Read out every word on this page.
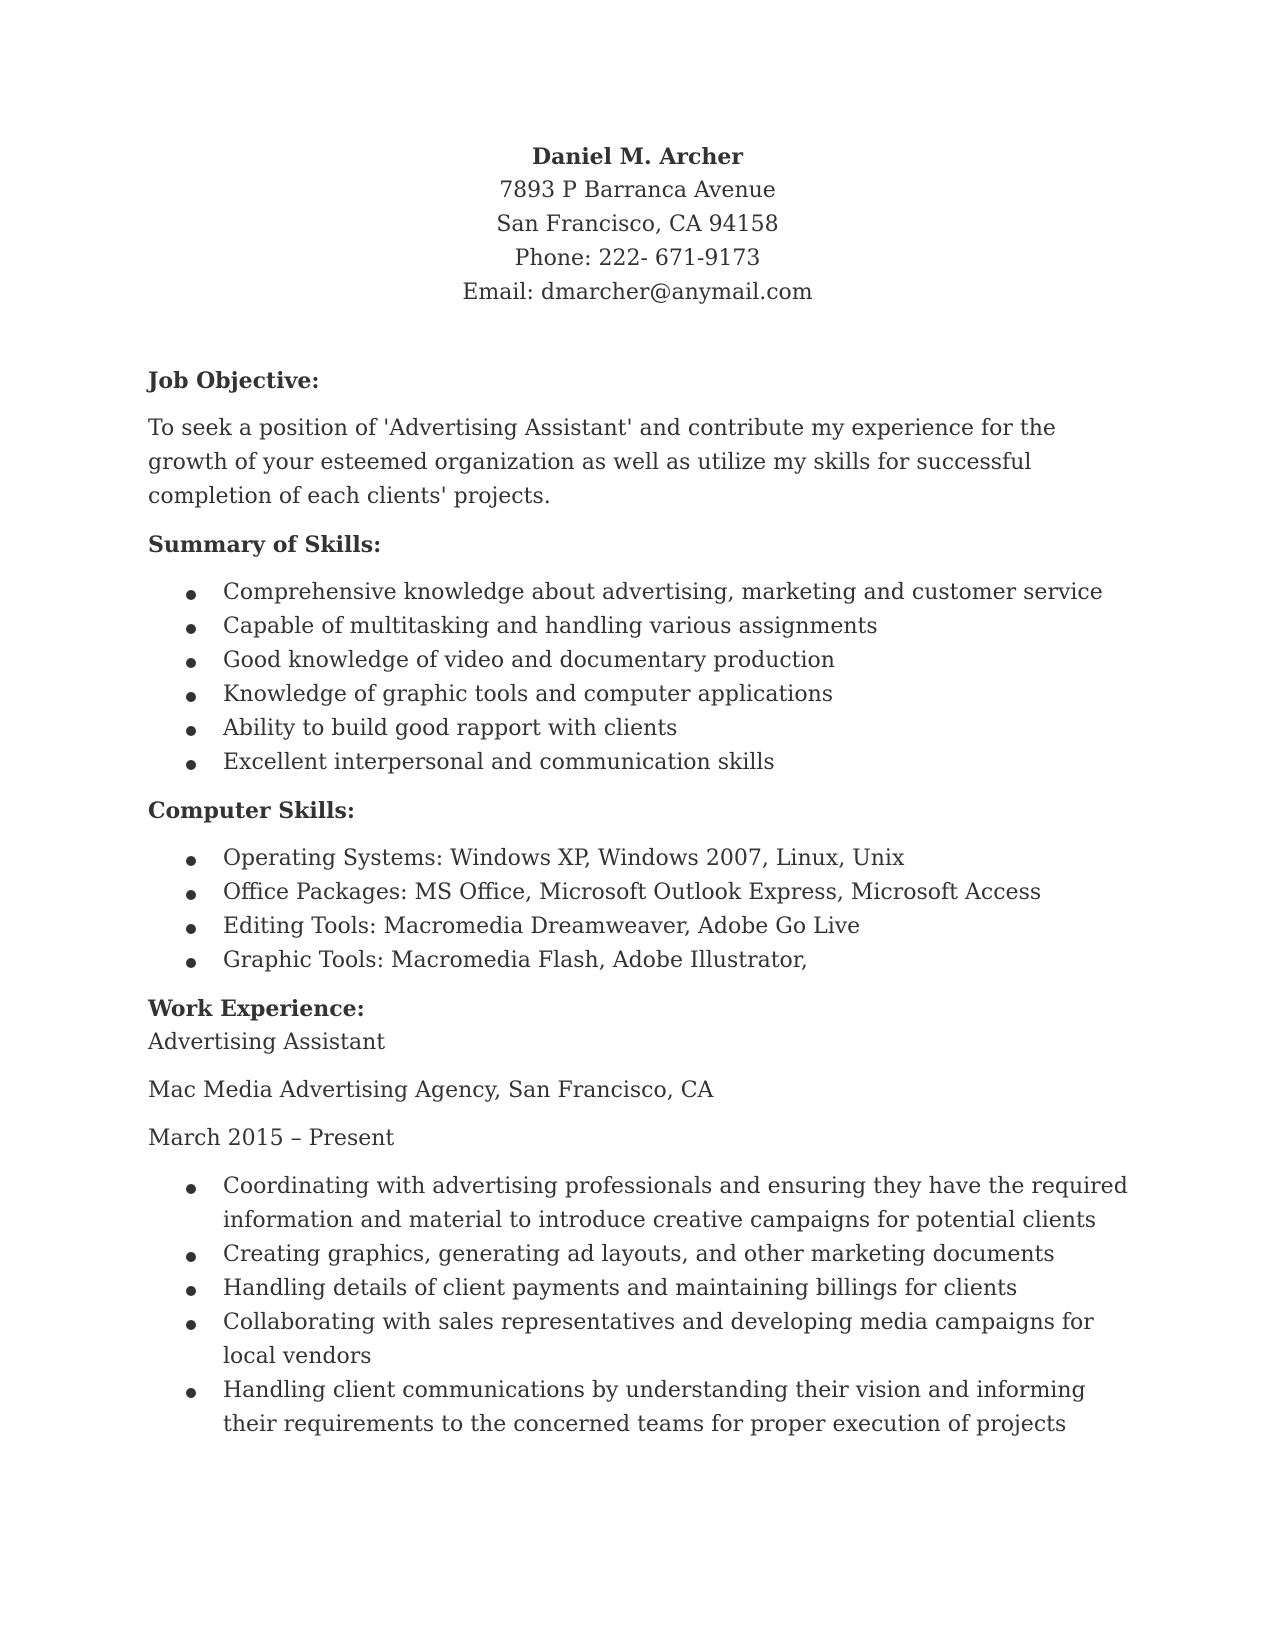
Daniel M. Archer
7893 P Barranca Avenue
San Francisco, CA 94158
Phone: 222- 671-9173
Email: dmarcher@anymail.com
Job Objective:
To seek a position of 'Advertising Assistant' and contribute my experience for the growth of your esteemed organization as well as utilize my skills for successful completion of each clients' projects.
Summary of Skills:
Comprehensive knowledge about advertising, marketing and customer service
Capable of multitasking and handling various assignments
Good knowledge of video and documentary production
Knowledge of graphic tools and computer applications
Ability to build good rapport with clients
Excellent interpersonal and communication skills
Computer Skills:
Operating Systems: Windows XP, Windows 2007, Linux, Unix
Office Packages: MS Office, Microsoft Outlook Express, Microsoft Access
Editing Tools: Macromedia Dreamweaver, Adobe Go Live
Graphic Tools: Macromedia Flash, Adobe Illustrator,
Work Experience:
Advertising Assistant
Mac Media Advertising Agency, San Francisco, CA
March 2015 – Present
Coordinating with advertising professionals and ensuring they have the required information and material to introduce creative campaigns for potential clients
Creating graphics, generating ad layouts, and other marketing documents
Handling details of client payments and maintaining billings for clients
Collaborating with sales representatives and developing media campaigns for local vendors
Handling client communications by understanding their vision and informing their requirements to the concerned teams for proper execution of projects
